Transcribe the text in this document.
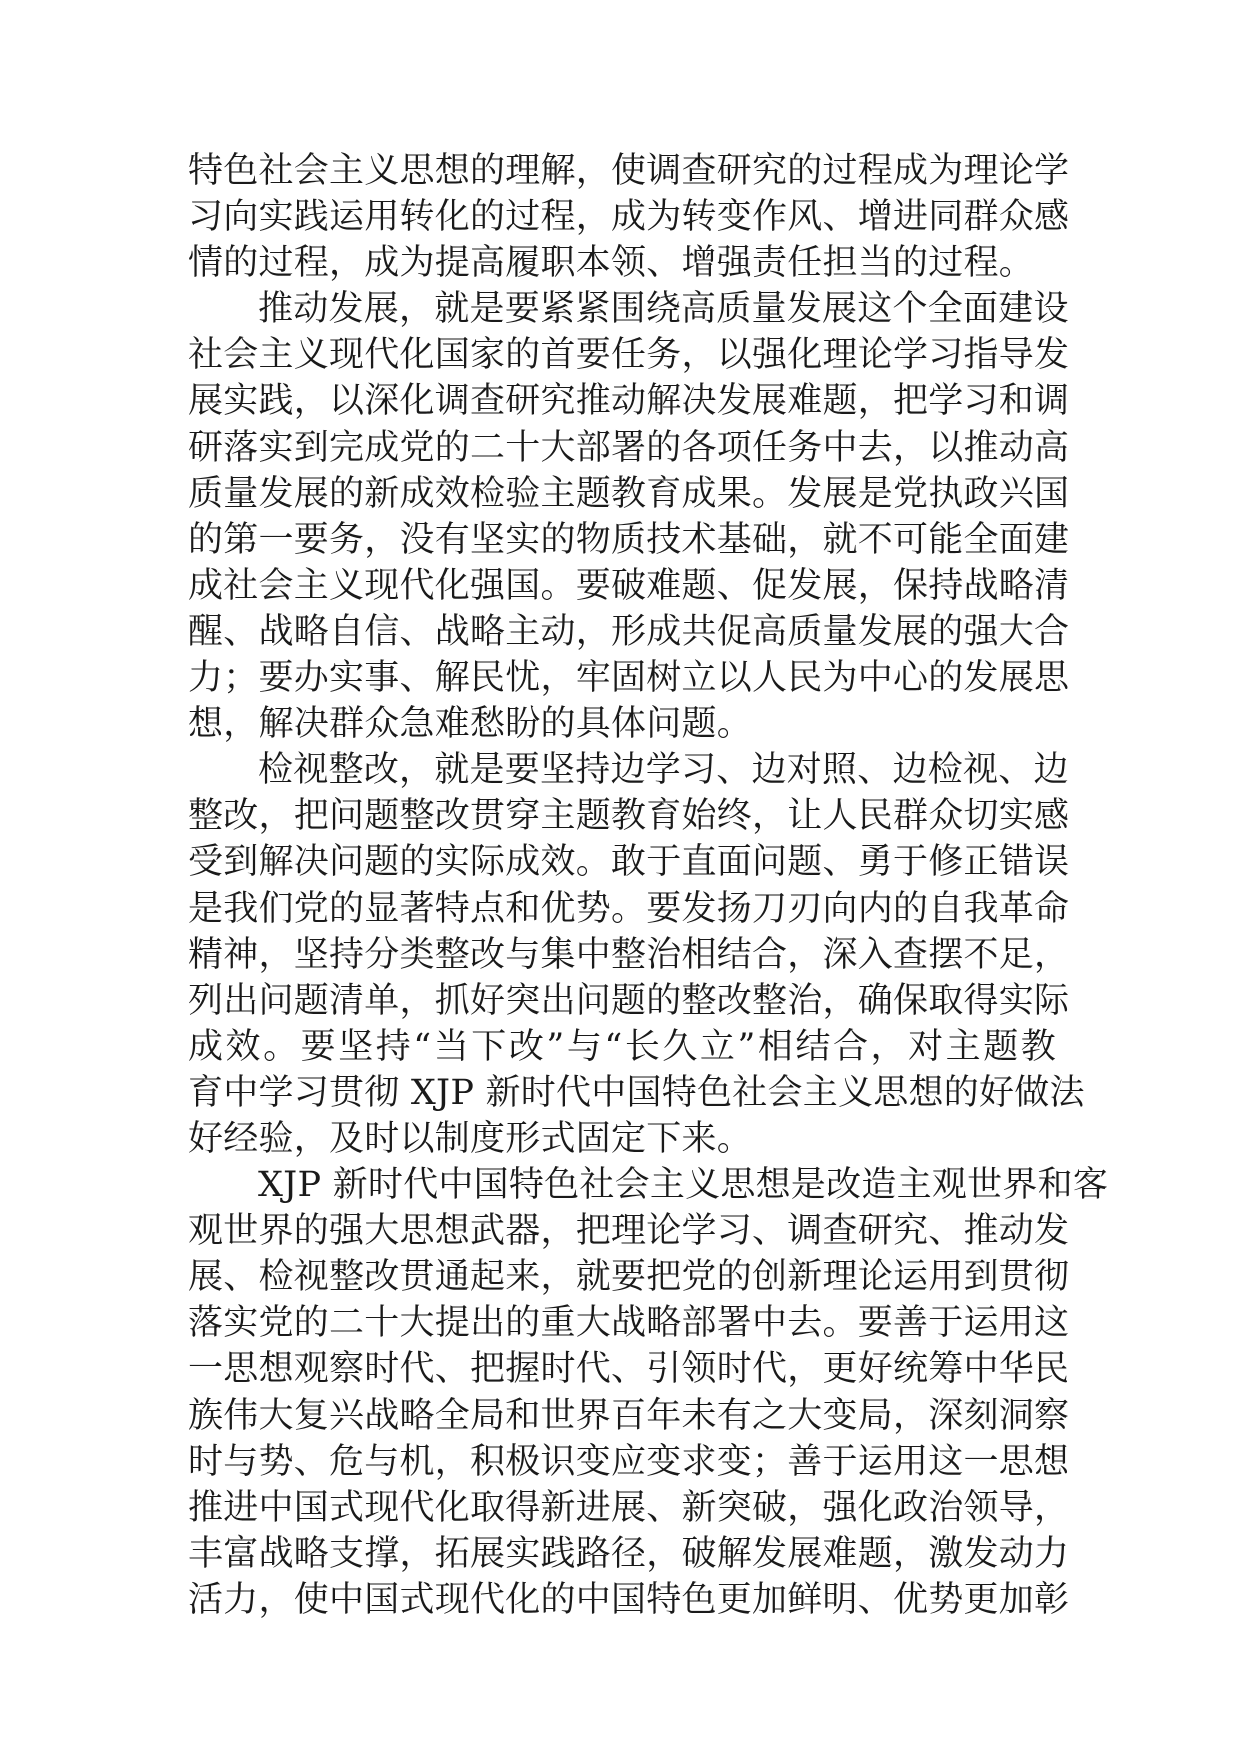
特色社会主义思想的理解，使调查研究的过程成为理论学
习向实践运用转化的过程，成为转变作风、增进同群众感
情的过程，成为提高履职本领、增强责任担当的过程。
推动发展，就是要紧紧围绕高质量发展这个全面建设
社会主义现代化国家的首要任务，以强化理论学习指导发
展实践，以深化调查研究推动解决发展难题，把学习和调
研落实到完成党的二十大部署的各项任务中去，以推动高
质量发展的新成效检验主题教育成果。发展是党执政兴国
的第一要务，没有坚实的物质技术基础，就不可能全面建
成社会主义现代化强国。要破难题、促发展，保持战略清
醒、战略自信、战略主动，形成共促高质量发展的强大合
力；要办实事、解民忧，牢固树立以人民为中心的发展思
想，解决群众急难愁盼的具体问题。
检视整改，就是要坚持边学习、边对照、边检视、边
整改，把问题整改贯穿主题教育始终，让人民群众切实感
受到解决问题的实际成效。敢于直面问题、勇于修正错误
是我们党的显著特点和优势。要发扬刀刃向内的自我革命
精神，坚持分类整改与集中整治相结合，深入查摆不足，
列出问题清单，抓好突出问题的整改整治，确保取得实际
成效。要坚持“当下改”与“长久立”相结合，对主题教
育中学习贯彻 XJP 新时代中国特色社会主义思想的好做法
好经验，及时以制度形式固定下来。
XJP 新时代中国特色社会主义思想是改造主观世界和客
观世界的强大思想武器，把理论学习、调查研究、推动发
展、检视整改贯通起来，就要把党的创新理论运用到贯彻
落实党的二十大提出的重大战略部署中去。要善于运用这
一思想观察时代、把握时代、引领时代，更好统筹中华民
族伟大复兴战略全局和世界百年未有之大变局，深刻洞察
时与势、危与机，积极识变应变求变；善于运用这一思想
推进中国式现代化取得新进展、新突破，强化政治领导，
丰富战略支撑，拓展实践路径，破解发展难题，激发动力
活力，使中国式现代化的中国特色更加鲜明、优势更加彰
